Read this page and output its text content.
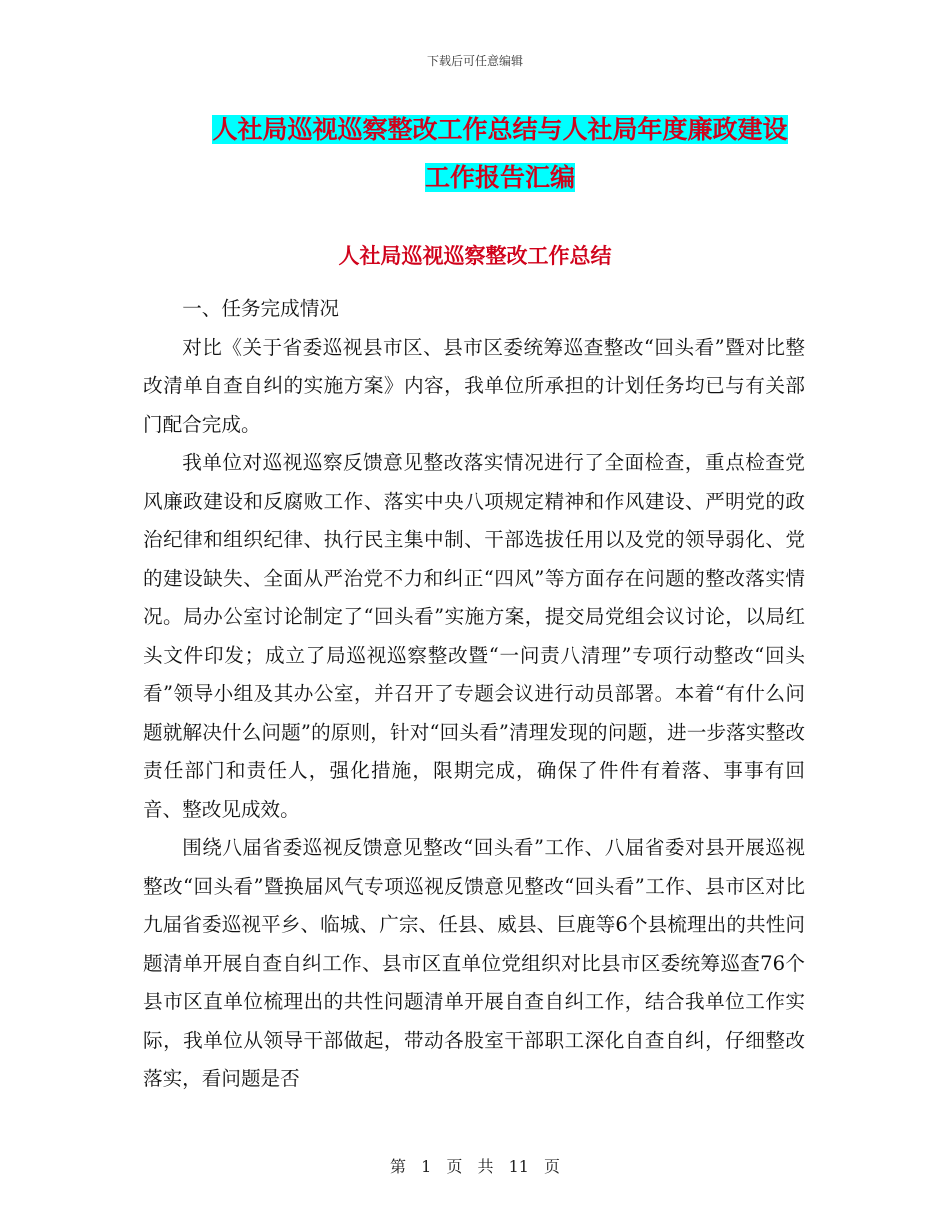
下载后可任意编辑
人社局巡视巡察整改工作总结与人社局年度廉政建设
工作报告汇编
人社局巡视巡察整改工作总结

一、任务完成情况

对比《关于省委巡视县市区、县市区委统筹巡查整改“回头看”暨对比整改清单自查自纠的实施方案》内容，我单位所承担的计划任务均已与有关部门配合完成。

我单位对巡视巡察反馈意见整改落实情况进行了全面检查，重点检查党风廉政建设和反腐败工作、落实中央八项规定精神和作风建设、严明党的政治纪律和组织纪律、执行民主集中制、干部选拔任用以及党的领导弱化、党的建设缺失、全面从严治党不力和纠正“四风”等方面存在问题的整改落实情况。局办公室讨论制定了“回头看”实施方案，提交局党组会议讨论，以局红头文件印发；成立了局巡视巡察整改暨“一问责八清理”专项行动整改“回头看”领导小组及其办公室，并召开了专题会议进行动员部署。本着“有什么问题就解决什么问题”的原则，针对“回头看”清理发现的问题，进一步落实整改责任部门和责任人，强化措施，限期完成，确保了件件有着落、事事有回音、整改见成效。

围绕八届省委巡视反馈意见整改“回头看”工作、八届省委对县开展巡视整改“回头看”暨换届风气专项巡视反馈意见整改“回头看”工作、县市区对比九届省委巡视平乡、临城、广宗、任县、威县、巨鹿等6个县梳理出的共性问题清单开展自查自纠工作、县市区直单位党组织对比县市区委统筹巡查76个县市区直单位梳理出的共性问题清单开展自查自纠工作，结合我单位工作实际，我单位从领导干部做起，带动各股室干部职工深化自查自纠，仔细整改落实，看问题是否

第 1 页 共 11 页
